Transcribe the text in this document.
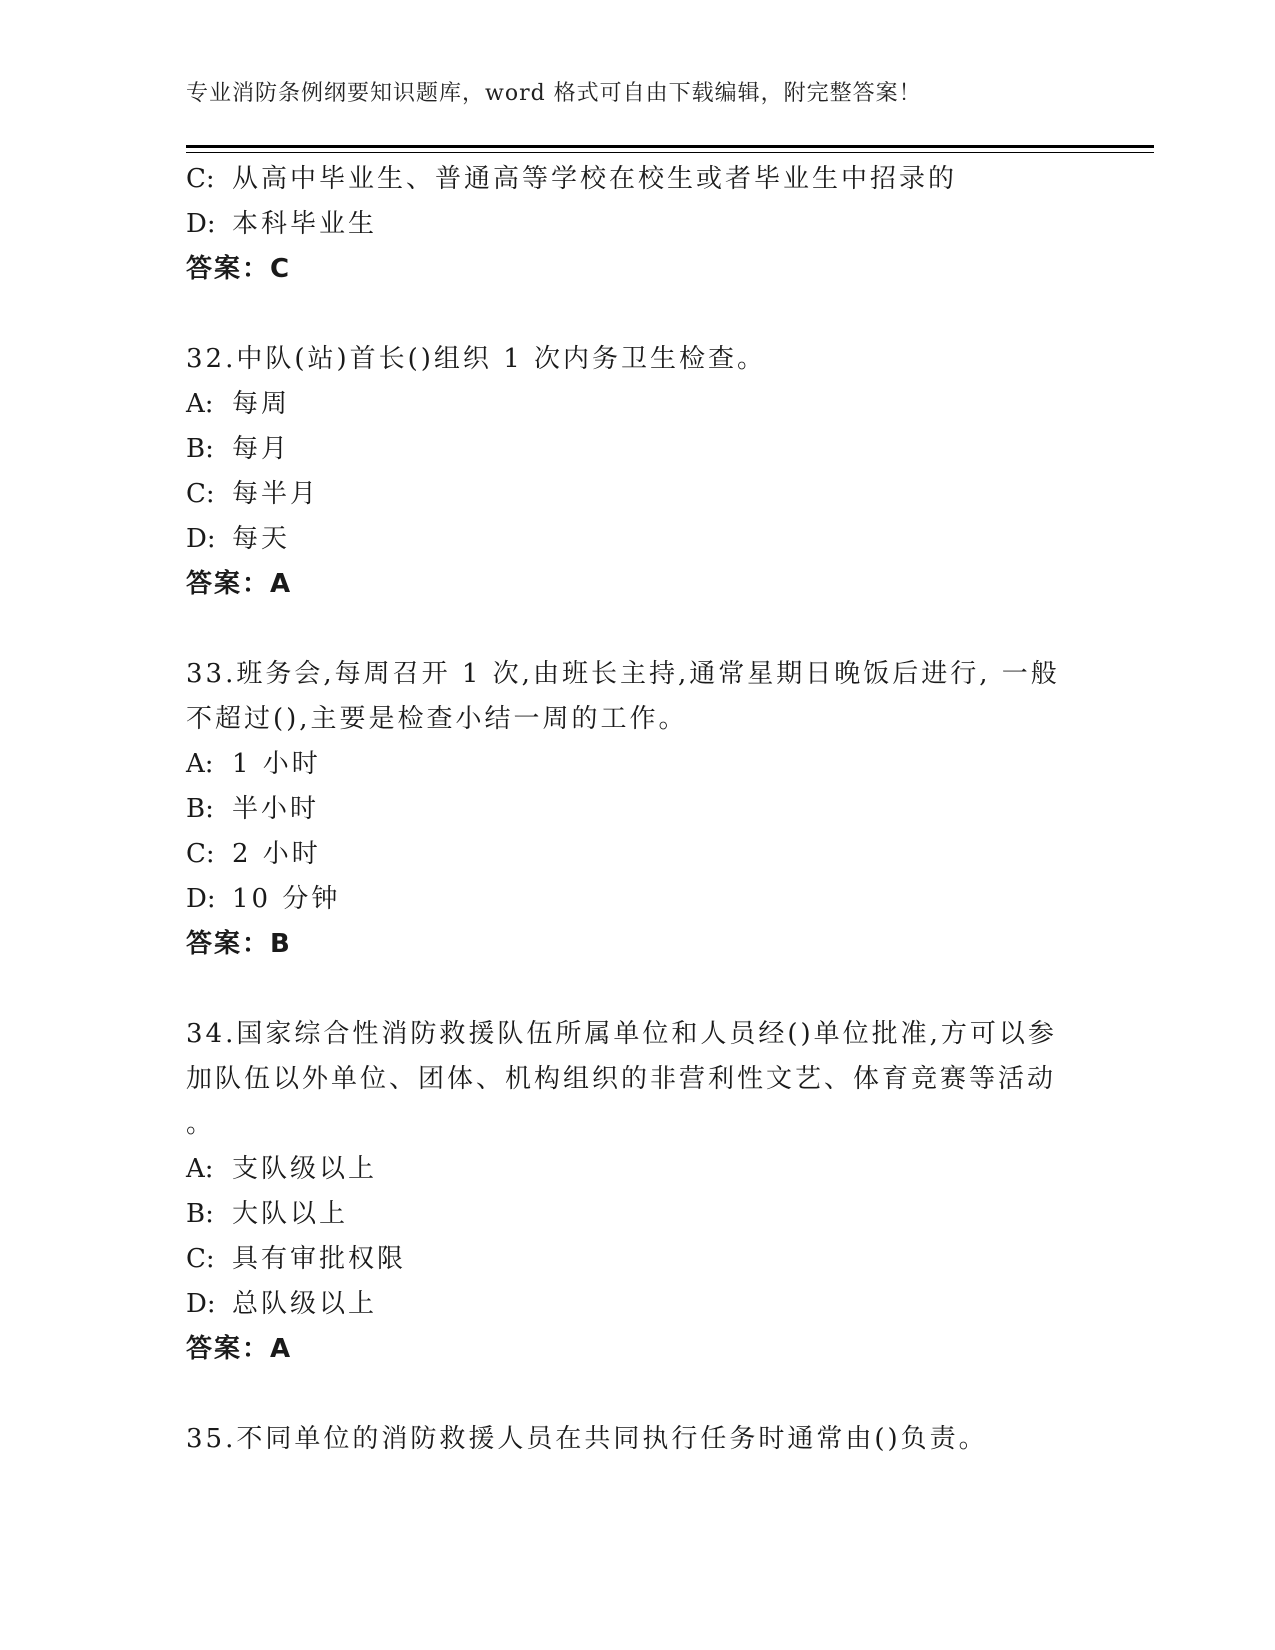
专业消防条例纲要知识题库，word 格式可自由下载编辑，附完整答案！
C: 从高中毕业生、普通高等学校在校生或者毕业生中招录的
D: 本科毕业生
答案：C
32.中队(站)首长()组织 1 次内务卫生检查。
A: 每周
B: 每月
C: 每半月
D: 每天
答案：A
33.班务会,每周召开 1 次,由班长主持,通常星期日晚饭后进行, 一般
不超过(),主要是检查小结一周的工作。
A: 1 小时
B: 半小时
C: 2 小时
D: 10 分钟
答案：B
34.国家综合性消防救援队伍所属单位和人员经()单位批准,方可以参
加队伍以外单位、团体、机构组织的非营利性文艺、体育竞赛等活动
。
A: 支队级以上
B: 大队以上
C: 具有审批权限
D: 总队级以上
答案：A
35.不同单位的消防救援人员在共同执行任务时通常由()负责。
